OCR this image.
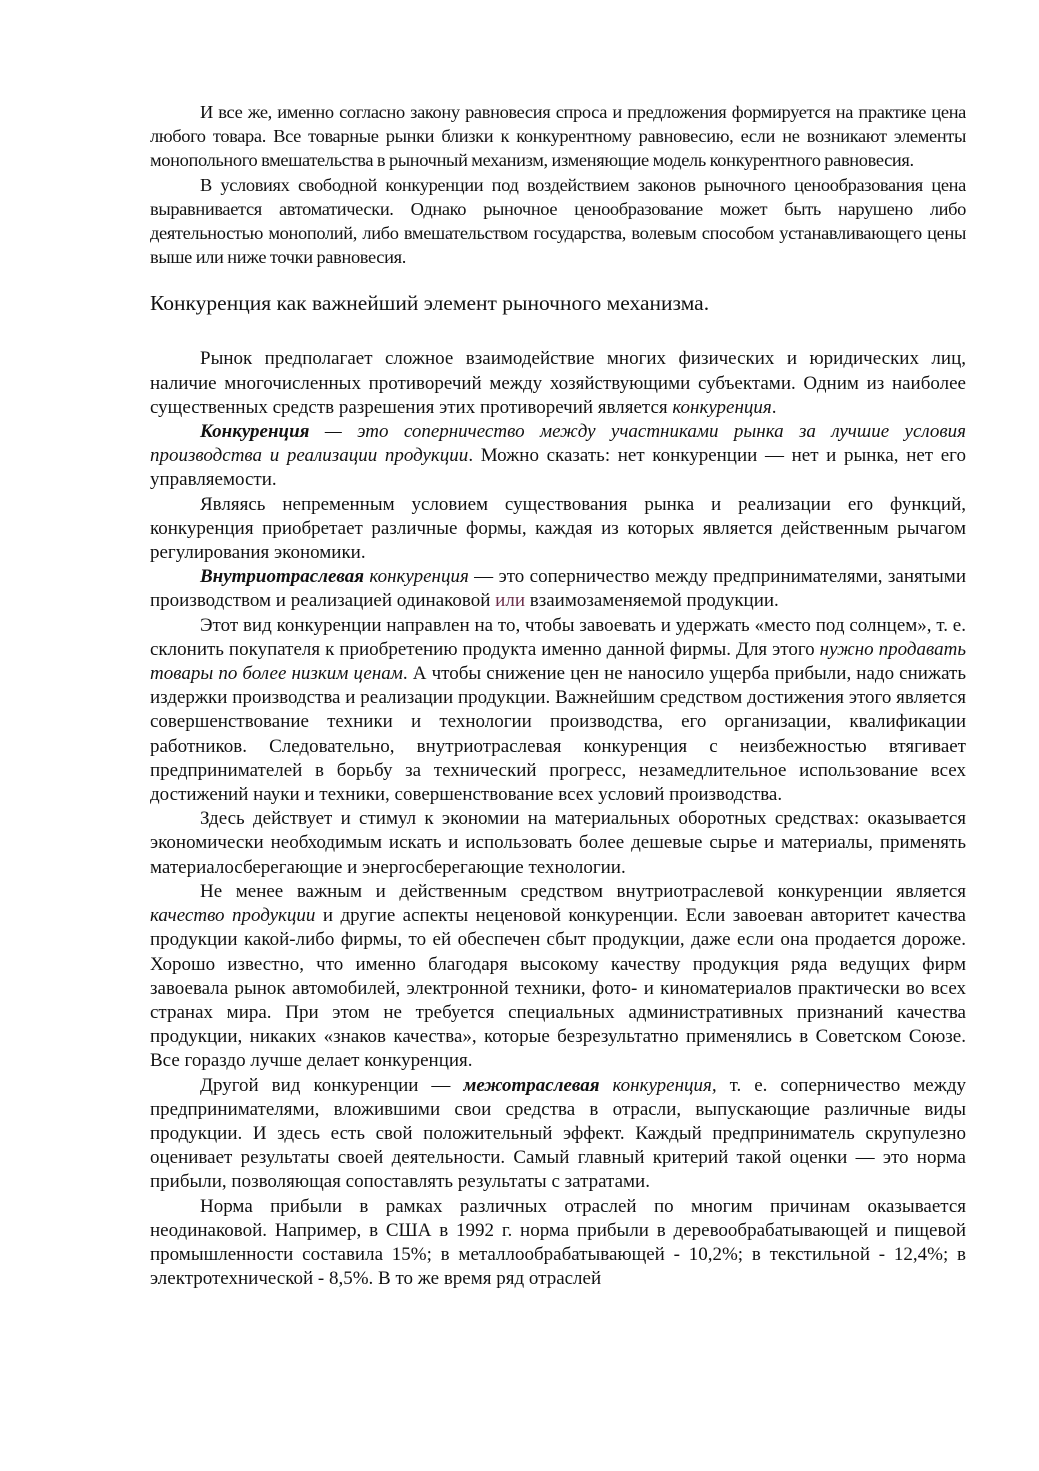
И все же, именно согласно закону равновесия спроса и предложения формируется на практике цена любого товара. Все товарные рынки близки к конкурентному равновесию, если не возникают элементы монопольного вмешательства в рыночный механизм, изменяющие модель конкурентного равновесия.

В условиях свободной конкуренции под воздействием законов рыночного ценообразования цена выравнивается автоматически. Однако рыночное ценообразование может быть нарушено либо деятельностью монополий, либо вмешательством государства, волевым способом устанавливающего цены выше или ниже точки равновесия.

Конкуренция как важнейший элемент рыночного механизма.

Рынок предполагает сложное взаимодействие многих физических и юридических лиц, наличие многочисленных противоречий между хозяйствующими субъектами. Одним из наиболее существенных средств разрешения этих противоречий является конкуренция.

Конкуренция — это соперничество между участниками рынка за лучшие условия производства и реализации продукции. Можно сказать: нет конкуренции — нет и рынка, нет его управляемости.

Являясь непременным условием существования рынка и реализации его функций, конкуренция приобретает различные формы, каждая из которых является действенным рычагом регулирования экономики.

Внутриотраслевая конкуренция — это соперничество между предпринимателями, занятыми производством и реализацией одинаковой или взаимозаменяемой продукции.

Этот вид конкуренции направлен на то, чтобы завоевать и удержать «место под солнцем», т. е. склонить покупателя к приобретению продукта именно данной фирмы. Для этого нужно продавать товары по более низким ценам. А чтобы снижение цен не наносило ущерба прибыли, надо снижать издержки производства и реализации продукции. Важнейшим средством достижения этого является совершенствование техники и технологии производства, его организации, квалификации работников. Следовательно, внутриотраслевая конкуренция с неизбежностью втягивает предпринимателей в борьбу за технический прогресс, незамедлительное использование всех достижений науки и техники, совершенствование всех условий производства.

Здесь действует и стимул к экономии на материальных оборотных средствах: оказывается экономически необходимым искать и использовать более дешевые сырье и материалы, применять материалосберегающие и энергосберегающие технологии.

Не менее важным и действенным средством внутриотраслевой конкуренции является качество продукции и другие аспекты неценовой конкуренции. Если завоеван авторитет качества продукции какой-либо фирмы, то ей обеспечен сбыт продукции, даже если она продается дороже. Хорошо известно, что именно благодаря высокому качеству продукция ряда ведущих фирм завоевала рынок автомобилей, электронной техники, фото- и киноматериалов практически во всех странах мира. При этом не требуется специальных административных признаний качества продукции, никаких «знаков качества», которые безрезультатно применялись в Советском Союзе. Все гораздо лучше делает конкуренция.

Другой вид конкуренции — межотраслевая конкуренция, т. е. соперничество между предпринимателями, вложившими свои средства в отрасли, выпускающие различные виды продукции. И здесь есть свой положительный эффект. Каждый предприниматель скрупулезно оценивает результаты своей деятельности. Самый главный критерий такой оценки — это норма прибыли, позволяющая сопоставлять результаты с затратами.

Норма прибыли в рамках различных отраслей по многим причинам оказывается неодинаковой. Например, в США в 1992 г. норма прибыли в деревообрабатывающей и пищевой промышленности составила 15%; в металлообрабатывающей - 10,2%; в текстильной - 12,4%; в электротехнической - 8,5%. В то же время ряд отраслей
